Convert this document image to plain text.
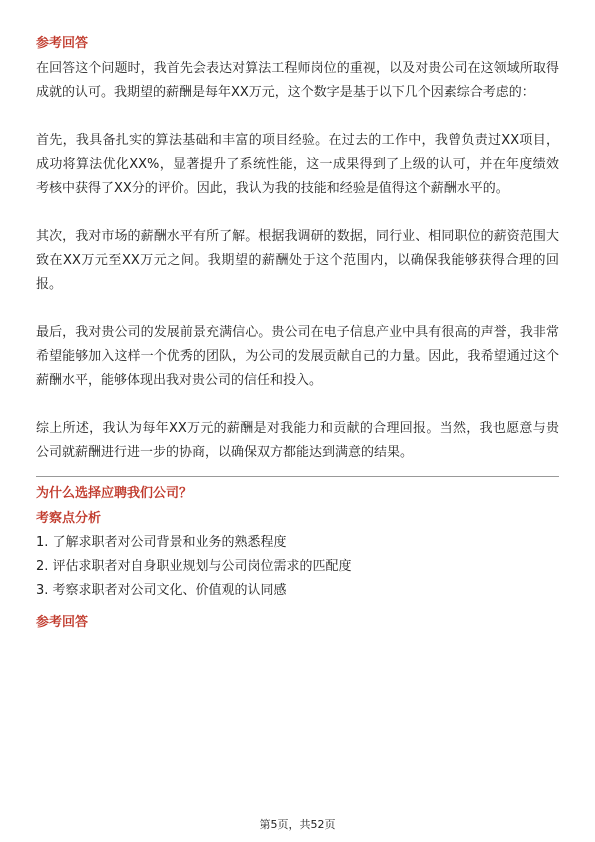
参考回答

在回答这个问题时，我首先会表达对算法工程师岗位的重视，以及对贵公司在这领域所取得成就的认可。我期望的薪酬是每年XX万元，这个数字是基于以下几个因素综合考虑的：

首先，我具备扎实的算法基础和丰富的项目经验。在过去的工作中，我曾负责过XX项目，成功将算法优化XX%，显著提升了系统性能，这一成果得到了上级的认可，并在年度绩效考核中获得了XX分的评价。因此，我认为我的技能和经验是值得这个薪酬水平的。

其次，我对市场的薪酬水平有所了解。根据我调研的数据，同行业、相同职位的薪资范围大致在XX万元至XX万元之间。我期望的薪酬处于这个范围内，以确保我能够获得合理的回报。

最后，我对贵公司的发展前景充满信心。贵公司在电子信息产业中具有很高的声誉，我非常希望能够加入这样一个优秀的团队，为公司的发展贡献自己的力量。因此，我希望通过这个薪酬水平，能够体现出我对贵公司的信任和投入。

综上所述，我认为每年XX万元的薪酬是对我能力和贡献的合理回报。当然，我也愿意与贵公司就薪酬进行进一步的协商，以确保双方都能达到满意的结果。

为什么选择应聘我们公司？
考察点分析
1. 了解求职者对公司背景和业务的熟悉程度
2. 评估求职者对自身职业规划与公司岗位需求的匹配度
3. 考察求职者对公司文化、价值观的认同感
参考回答
第5页，共52页
